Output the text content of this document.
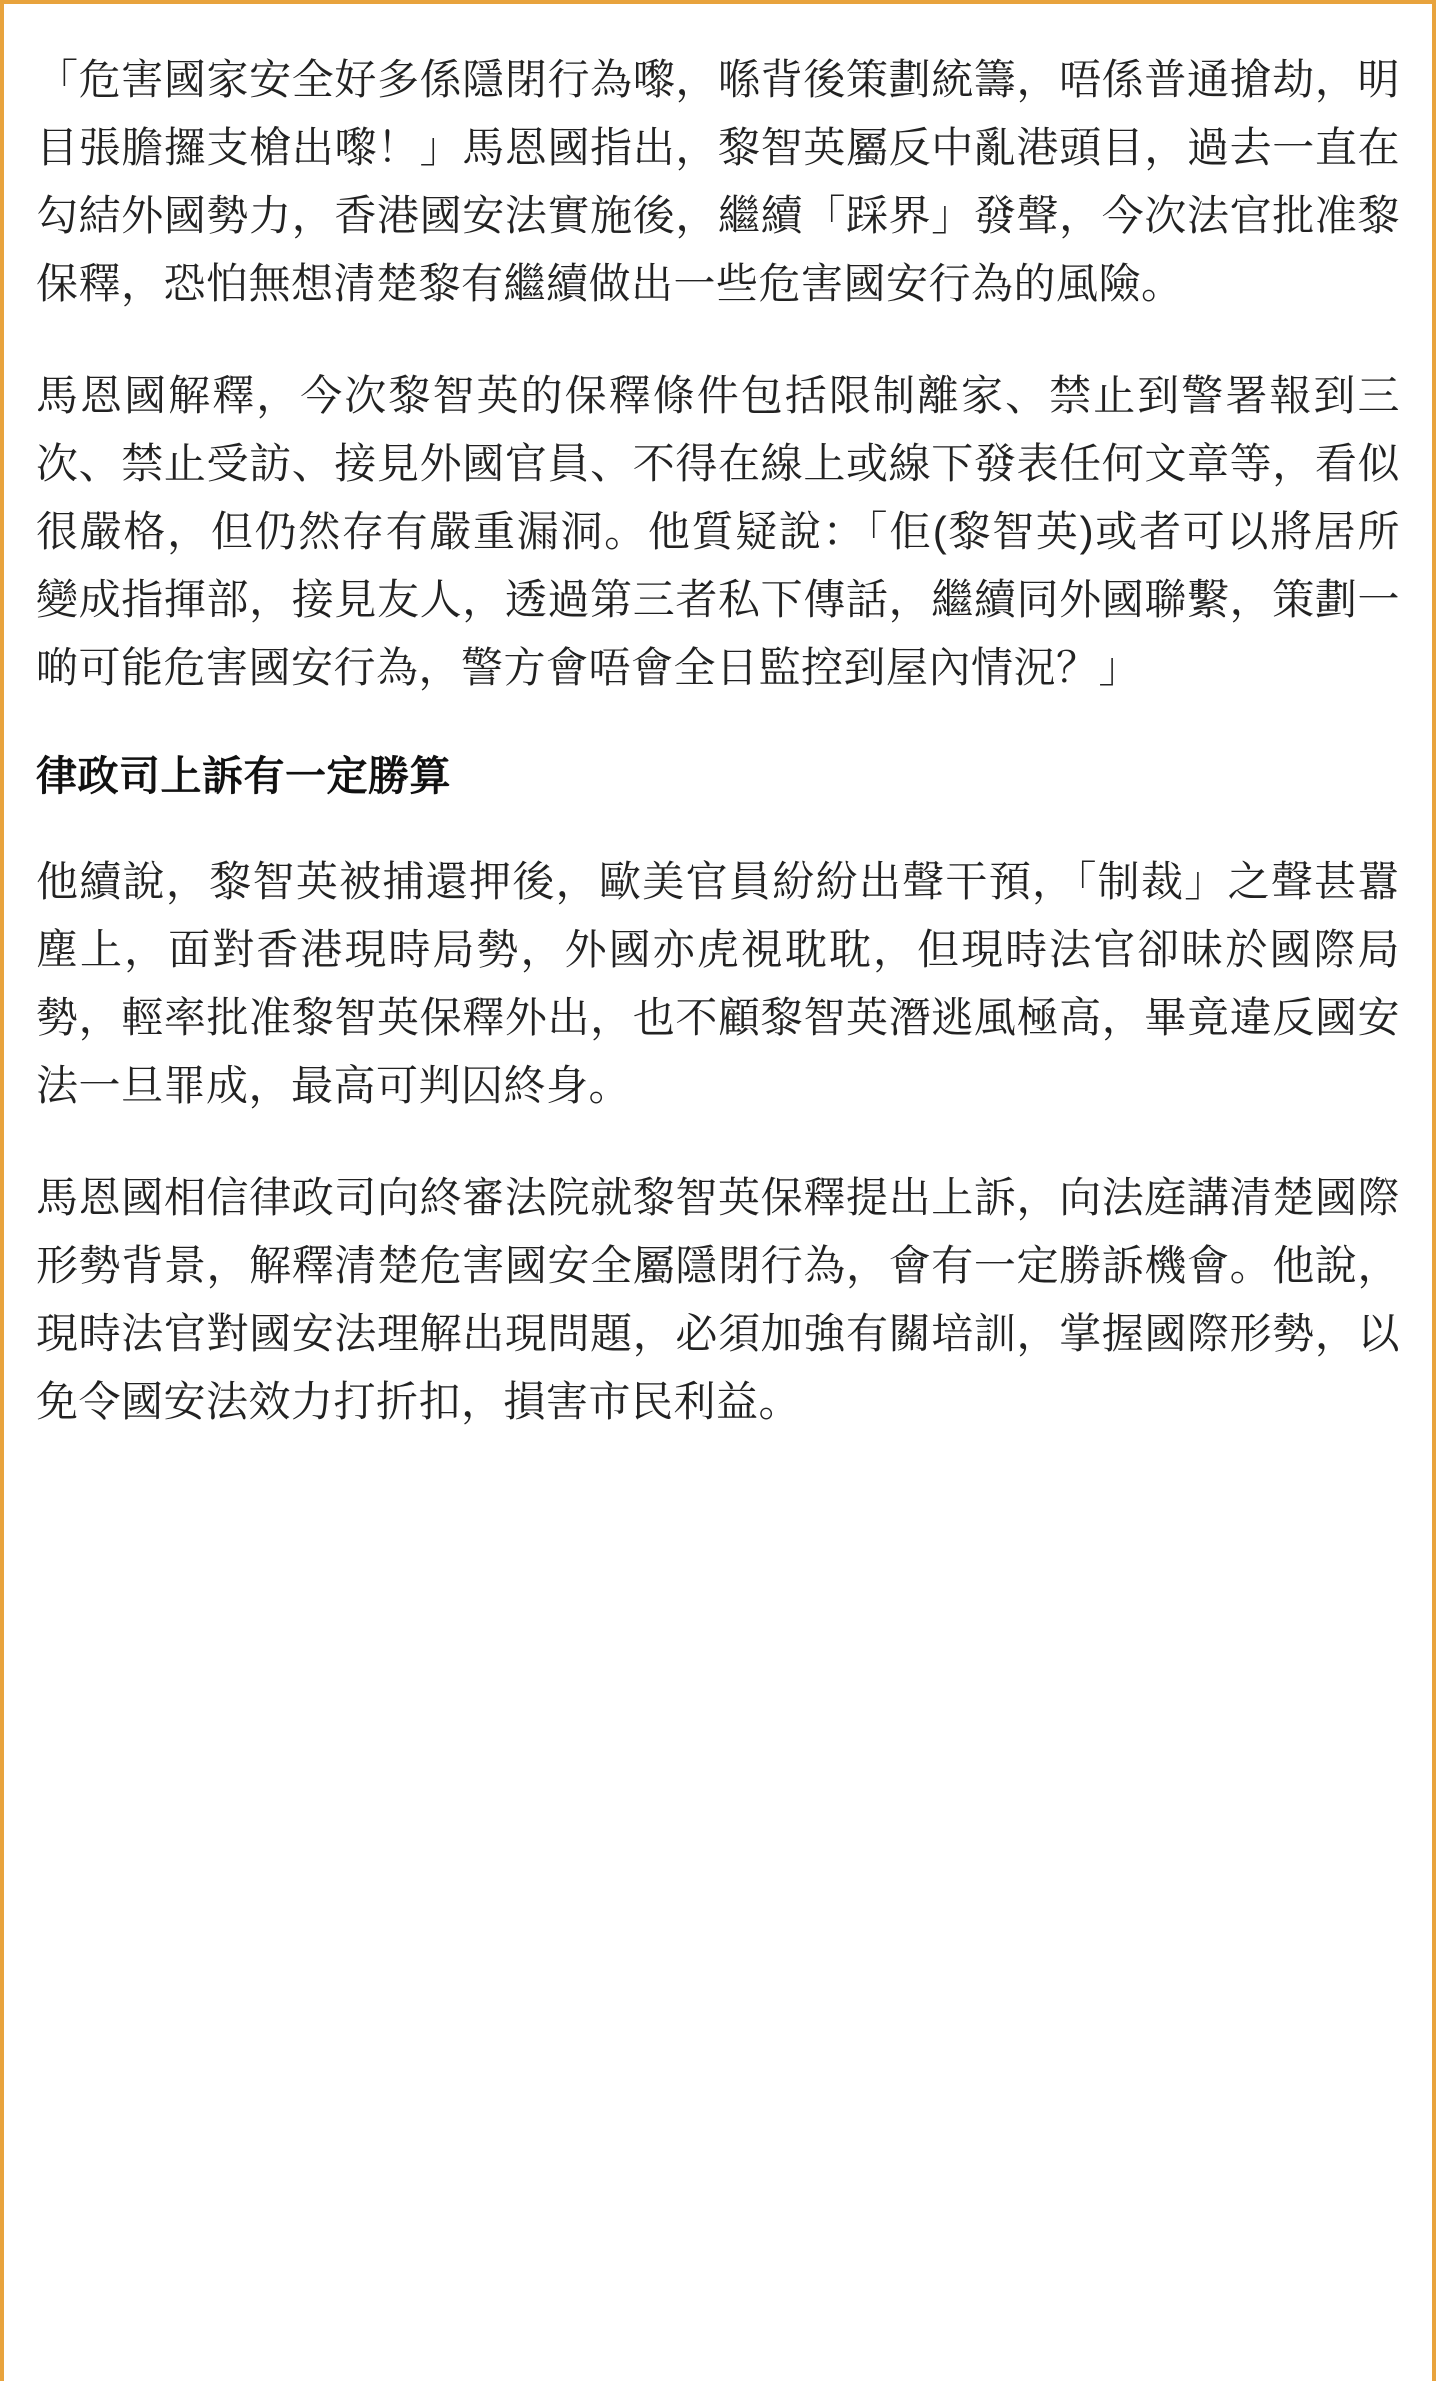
「危害國家安全好多係隱閉行為嚟，喺背後策劃統籌，唔係普通搶劫，明目張膽攞支槍出嚟！」馬恩國指出，黎智英屬反中亂港頭目，過去一直在勾結外國勢力，香港國安法實施後，繼續「踩界」發聲，今次法官批准黎保釋，恐怕無想清楚黎有繼續做出一些危害國安行為的風險。

馬恩國解釋，今次黎智英的保釋條件包括限制離家、禁止到警署報到三次、禁止受訪、接見外國官員、不得在線上或線下發表任何文章等，看似很嚴格，但仍然存有嚴重漏洞。他質疑說：「佢(黎智英)或者可以將居所變成指揮部，接見友人，透過第三者私下傳話，繼續同外國聯繫，策劃一啲可能危害國安行為，警方會唔會全日監控到屋內情況？」

律政司上訴有一定勝算

他續說，黎智英被捕還押後，歐美官員紛紛出聲干預，「制裁」之聲甚囂塵上，面對香港現時局勢，外國亦虎視耽耽，但現時法官卻昧於國際局勢，輕率批准黎智英保釋外出，也不顧黎智英潛逃風極高，畢竟違反國安法一旦罪成，最高可判囚終身。

馬恩國相信律政司向終審法院就黎智英保釋提出上訴，向法庭講清楚國際形勢背景，解釋清楚危害國安全屬隱閉行為，會有一定勝訴機會。他說，現時法官對國安法理解出現問題，必須加強有關培訓，掌握國際形勢，以免令國安法效力打折扣，損害市民利益。
